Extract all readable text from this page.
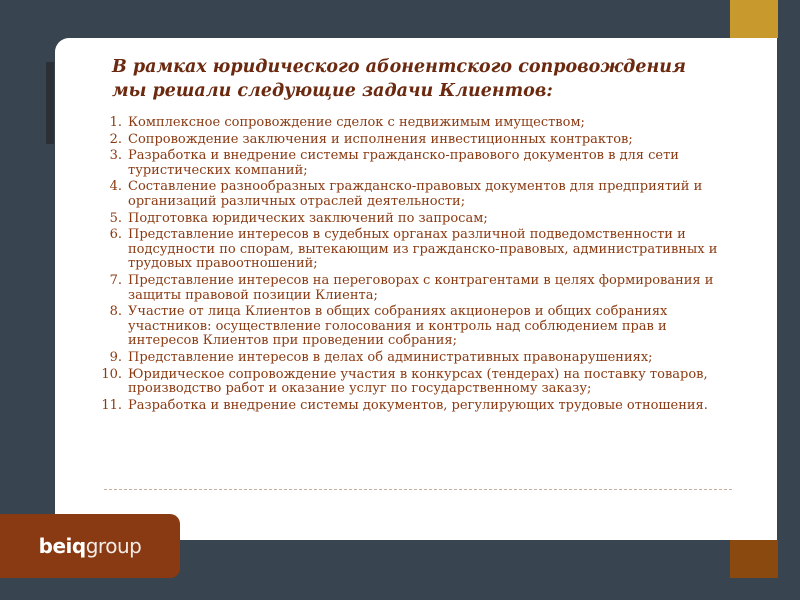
В рамках юридического абонентского сопровождения мы решали следующие задачи Клиентов:
1. Комплексное сопровождение сделок с недвижимым имуществом;
2. Сопровождение заключения и исполнения инвестиционных контрактов;
3. Разработка и внедрение системы гражданско-правового документов в для сети туристических компаний;
4. Составление разнообразных гражданско-правовых документов для предприятий и организаций различных отраслей деятельности;
5. Подготовка юридических заключений по запросам;
6. Представление интересов в судебных органах различной подведомственности и подсудности по спорам, вытекающим из гражданско-правовых, административных и трудовых правоотношений;
7. Представление интересов на переговорах с контрагентами в целях формирования и защиты правовой позиции Клиента;
8. Участие от лица Клиентов в общих собраниях акционеров и общих собраниях участников: осуществление голосования и контроль над соблюдением прав и интересов Клиентов при проведении собрания;
9. Представление интересов в делах об административных правонарушениях;
10. Юридическое сопровождение участия в конкурсах (тендерах) на поставку товаров, производство работ и оказание услуг по государственному заказу;
11. Разработка и внедрение системы документов, регулирующих трудовые отношения.
beiqgroup
